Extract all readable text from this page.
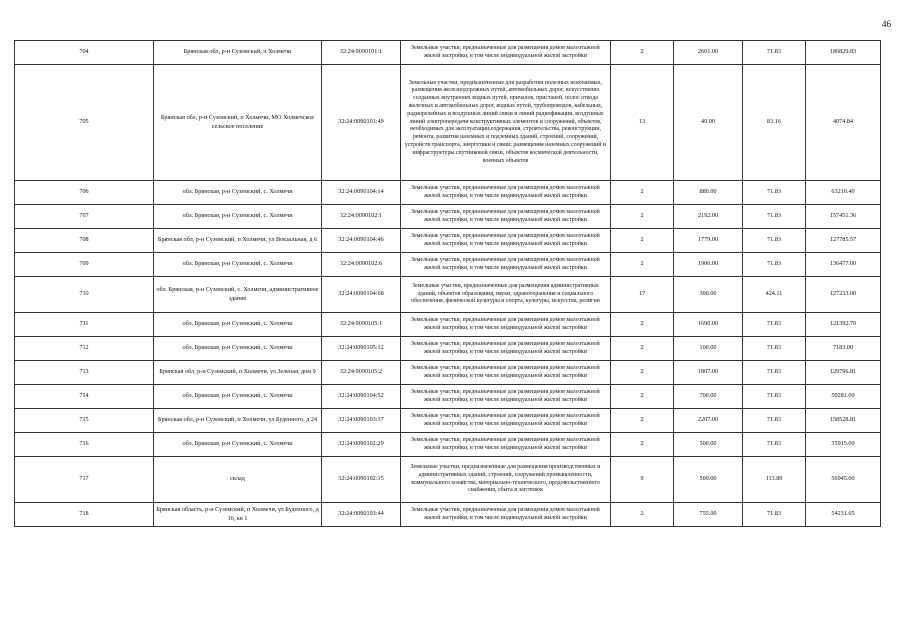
46
704	Брянская обл, р-н Суземский, п Холмечи	32:24:0090101:1	Земельные участки, предназначенные для размещения домов малоэтажной жилой застройки, в том числе индивидуальной жилой застройки	2	2601.00	71.83	186829.83
705	Брянская обл, р-н Суземский, п Холмечи, МО Холмечское сельское поселение	32:24:0090101:49	Земельные участки, предназначенные для разработки полезных ископаемых, размещения железнодорожных путей, автомобильных дорог, искусственно созданных внутренних водных путей, причалов, пристаней, полос отвода железных и автомобильных дорог, водных путей, трубопроводов, кабельных, радиорелейных и воздушных линий связи и линий радиофикации, воздушных линий электропередачи конструктивных элементов и сооружений, объектов, необходимых для эксплуатации,содержания, строительства, реконструкции, ремонта, развития наземных и подземных зданий, строений, сооружений, устройств транспорта, энергетики и связи; размещения наземных сооружений и инфраструктуры спутниковой связи, объектов космической деятельности, военных объектов	13	49.00	83.16	4074.84
706	обл. Брянская, р-н Суземский, с. Холмечи	32:24:0090104:14	Земельные участки, предназначенные для размещения домов малоэтажной жилой застройки, в том числе индивидуальной жилой застройки	2	880.00	71.83	63210.40
707	обл. Брянская, р-н Суземский, с. Холмечи	32:24:0090102:1	Земельные участки, предназначенные для размещения домов малоэтажной жилой застройки, в том числе индивидуальной жилой застройки	2	2192.00	71.83	157451.36
708	Брянская обл, р-н Суземский, п Холмечи, ул Вокзальная, д 6	32:24:0090104:46	Земельные участки, предназначенные для размещения домов малоэтажной жилой застройки, в том числе индивидуальной жилой застройки	2	1779.00	71.83	127785.57
709	обл. Брянская, р-н Суземский, с. Холмечи	32:24:0090102:6	Земельные участки, предназначенные для размещения домов малоэтажной жилой застройки, в том числе индивидуальной жилой застройки	2	1900.00	71.83	136477.00
710	обл. Брянская, р-н Суземский, с. Холмечи, административное здание	32:24:0090104:68	Земельные участки, предназначенные для размещения административных зданий, объектов образования, науки, здравоохранения и социального обеспечения, физической культуры и спорта, культуры, искусства, религии	17	300.00	424.11	127233.00
711	обл. Брянская, р-н Суземский, с. Холмечи	32:24:0090105:1	Земельные участки, предназначенные для размещения домов малоэтажной жилой застройки, в том числе индивидуальной жилой застройки	2	1690.00	71.83	121392.70
712	обл. Брянская, р-н Суземский, с. Холмечи	32:24:0090105:12	Земельные участки, предназначенные для размещения домов малоэтажной жилой застройки, в том числе индивидуальной жилой застройки	2	100.00	71.83	7183.00
713	Брянская обл, р-н Суземский, п Холмечи, ул Зеленая, дом 9	32:24:0090105:2	Земельные участки, предназначенные для размещения домов малоэтажной жилой застройки, в том числе индивидуальной жилой застройки	2	1807.00	71.83	129796.81
714	обл. Брянская, р-н Суземский, с. Холмечи	32:24:0090104:52	Земельные участки, предназначенные для размещения домов малоэтажной жилой застройки, в том числе индивидуальной жилой застройки	2	700.00	71.83	50281.00
715	Брянская обл, р-н Суземский, п Холмечи, ул Буденного, д 24	32:24:0090103:37	Земельные участки, предназначенные для размещения домов малоэтажной жилой застройки, в том числе индивидуальной жилой застройки	2	2207.00	71.83	158528.81
716	обл. Брянская, р-н Суземский, с. Холмечи	32:24:0090102:29	Земельные участки, предназначенные для размещения домов малоэтажной жилой застройки, в том числе индивидуальной жилой застройки	2	500.00	71.83	35915.00
717	склад	32:24:0090102:15	Земельные участки, предназначенные для размещения производственных и административных зданий, строений, сооружений промышленности, коммунального хозяйства, материально-технического, продовольственного снабжения, сбыта и заготовок	9	500.00	113.89	56945.00
718	Брянская область, р-н Суземский, п Холмечи, ул Буденного, д 16, кв 1	32:24:0090103:44	Земельные участки, предназначенные для размещения домов малоэтажной жилой застройки, в том числе индивидуальной жилой застройки	2	755.00	71.83	54231.65
